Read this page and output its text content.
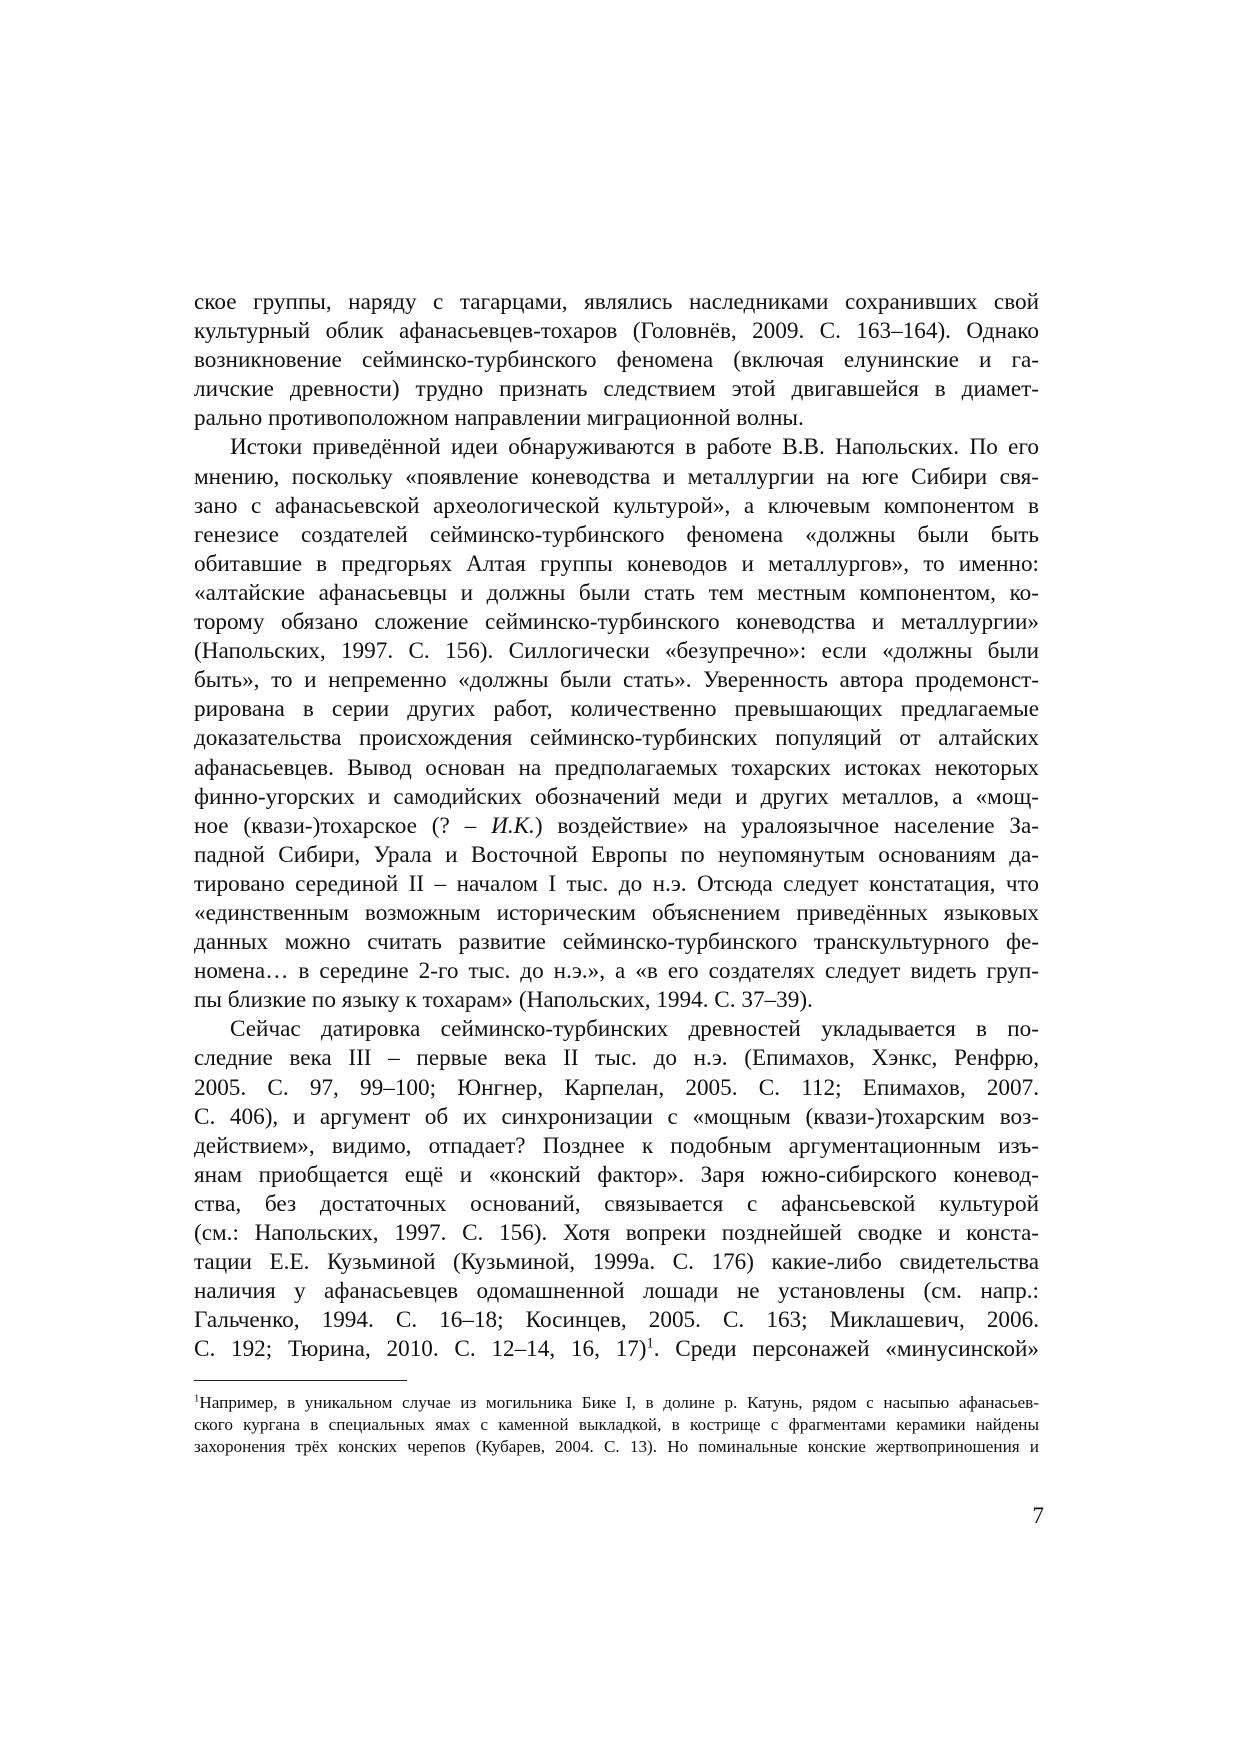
ское группы, наряду с тагарцами, являлись наследниками сохранивших свой
культурный облик афанасьевцев-тохаров (Головнёв, 2009. С. 163–164). Однако
возникновение сейминско-турбинского феномена (включая елунинские и га-
личские древности) трудно признать следствием этой двигавшейся в диамет-
рально противоположном направлении миграционной волны.

Истоки приведённой идеи обнаруживаются в работе В.В. Напольских. По его
мнению, поскольку «появление коневодства и металлургии на юге Сибири свя-
зано с афанасьевской археологической культурой», а ключевым компонентом в
генезисе создателей сейминско-турбинского феномена «должны были быть
обитавшие в предгорьях Алтая группы коневодов и металлургов», то именно:
«алтайские афанасьевцы и должны были стать тем местным компонентом, ко-
торому обязано сложение сейминско-турбинского коневодства и металлургии»
(Напольских, 1997. С. 156). Силлогически «безупречно»: если «должны были
быть», то и непременно «должны были стать». Уверенность автора продемонст-
рирована в серии других работ, количественно превышающих предлагаемые
доказательства происхождения сейминско-турбинских популяций от алтайских
афанасьевцев. Вывод основан на предполагаемых тохарских истоках некоторых
финно-угорских и самодийских обозначений меди и других металлов, а «мощ-
ное (квази-)тохарское (? – И.К.) воздействие» на уралоязычное население За-
падной Сибири, Урала и Восточной Европы по неупомянутым основаниям да-
тировано серединой II – началом I тыс. до н.э. Отсюда следует констатация, что
«единственным возможным историческим объяснением приведённых языковых
данных можно считать развитие сейминско-турбинского транскультурного фе-
номена… в середине 2-го тыс. до н.э.», а «в его создателях следует видеть груп-
пы близкие по языку к тохарам» (Напольских, 1994. С. 37–39).

Сейчас датировка сейминско-турбинских древностей укладывается в по-
следние века III – первые века II тыс. до н.э. (Епимахов, Хэнкс, Ренфрю,
2005. С. 97, 99–100; Юнгнер, Карпелан, 2005. С. 112; Епимахов, 2007.
С. 406), и аргумент об их синхронизации с «мощным (квази-)тохарским воз-
действием», видимо, отпадает? Позднее к подобным аргументационным изъ-
янам приобщается ещё и «конский фактор». Заря южно-сибирского коневод-
ства, без достаточных оснований, связывается с афансьевской культурой
(см.: Напольских, 1997. С. 156). Хотя вопреки позднейшей сводке и конста-
тации Е.Е. Кузьминой (Кузьминой, 1999а. С. 176) какие-либо свидетельства
наличия у афанасьевцев одомашненной лошади не установлены (см. напр.:
Гальченко, 1994. С. 16–18; Косинцев, 2005. С. 163; Миклашевич, 2006.
С. 192; Тюрина, 2010. С. 12–14, 16, 17)$^1$. Среди персонажей «минусинской»

$^1$Например, в уникальном случае из могильника Бике I, в долине р. Катунь, рядом с насыпью афанасьев-
ского кургана в специальных ямах с каменной выкладкой, в кострище с фрагментами керамики найдены
захоронения трёх конских черепов (Кубарев, 2004. С. 13). Но поминальные конские жертвоприношения и
7
